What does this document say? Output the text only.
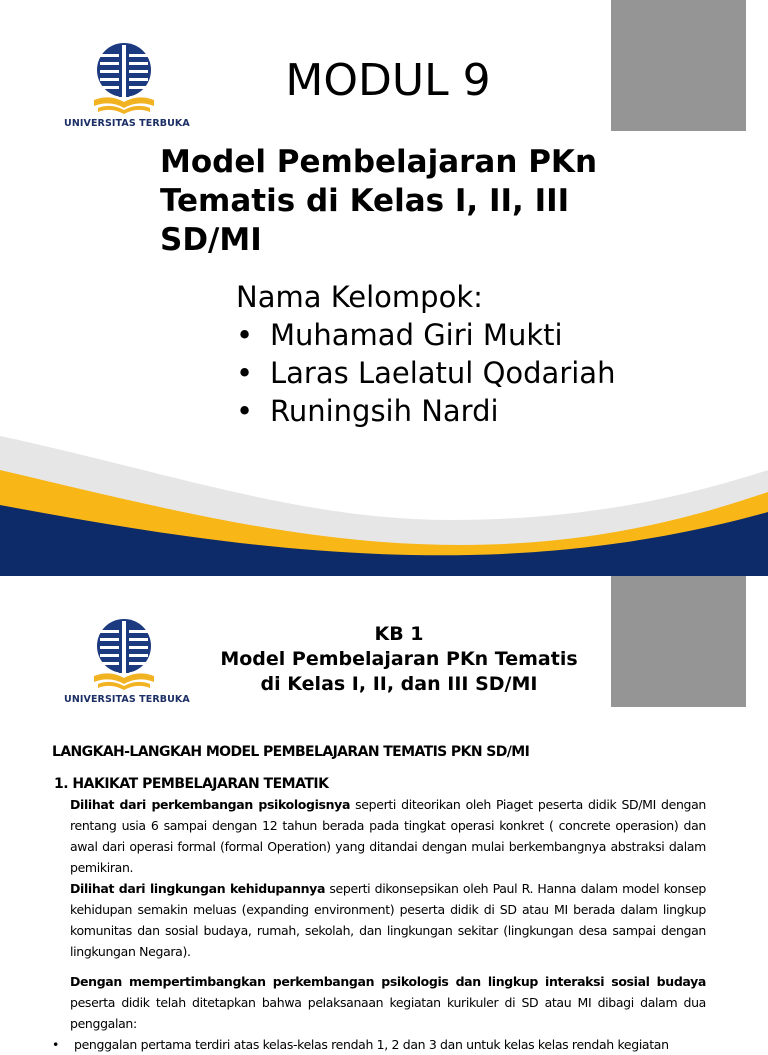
UNIVERSITAS TERBUKA
MODUL 9
Model Pembelajaran PKn
Tematis di Kelas I, II, III
SD/MI
Nama Kelompok:
• Muhamad Giri Mukti
• Laras Laelatul Qodariah
• Runingsih Nardi
UNIVERSITAS TERBUKA
KB 1
Model Pembelajaran PKn Tematis
di Kelas I, II, dan III SD/MI

LANGKAH-LANGKAH MODEL PEMBELAJARAN TEMATIS PKN SD/MI

1. HAKIKAT PEMBELAJARAN TEMATIK

Dilihat dari perkembangan psikologisnya seperti diteorikan oleh Piaget peserta didik SD/MI dengan rentang usia 6 sampai dengan 12 tahun berada pada tingkat operasi konkret ( concrete operasion) dan awal dari operasi formal (formal Operation) yang ditandai dengan mulai berkembangnya abstraksi dalam pemikiran.

Dilihat dari lingkungan kehidupannya seperti dikonsepsikan oleh Paul R. Hanna dalam model konsep kehidupan semakin meluas (expanding environment) peserta didik di SD atau MI berada dalam lingkup komunitas dan sosial budaya, rumah, sekolah, dan lingkungan sekitar (lingkungan desa sampai dengan lingkungan Negara).

Dengan mempertimbangkan perkembangan psikologis dan lingkup interaksi sosial budaya peserta didik telah ditetapkan bahwa pelaksanaan kegiatan kurikuler di SD atau MI dibagi dalam dua penggalan:

• penggalan pertama terdiri atas kelas-kelas rendah 1, 2 dan 3 dan untuk kelas kelas rendah kegiatan
